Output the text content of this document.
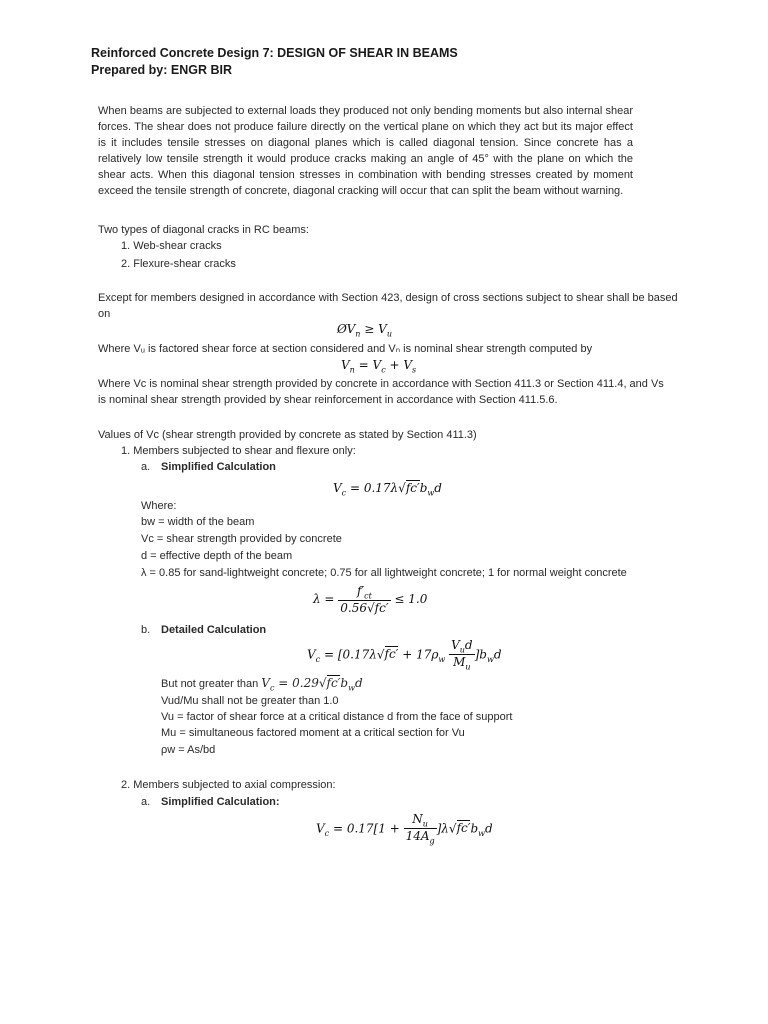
Reinforced Concrete Design 7: DESIGN OF SHEAR IN BEAMS
Prepared by: ENGR BIR
When beams are subjected to external loads they produced not only bending moments but also internal shear forces. The shear does not produce failure directly on the vertical plane on which they act but its major effect is it includes tensile stresses on diagonal planes which is called diagonal tension. Since concrete has a relatively low tensile strength it would produce cracks making an angle of 45° with the plane on which the shear acts. When this diagonal tension stresses in combination with bending stresses created by moment exceed the tensile strength of concrete, diagonal cracking will occur that can split the beam without warning.
Two types of diagonal cracks in RC beams:
1. Web-shear cracks
2. Flexure-shear cracks
Except for members designed in accordance with Section 423, design of cross sections subject to shear shall be based
on
$ØV_n \ge V_u$
Where Vᵤ is factored shear force at section considered and Vₙ is nominal shear strength computed by
$V_n = V_c + V_s$
Where Vc is nominal shear strength provided by concrete in accordance with Section 411.3 or Section 411.4, and Vs
is nominal shear strength provided by shear reinforcement in accordance with Section 411.5.6.
Values of Vc (shear strength provided by concrete as stated by Section 411.3)
1. Members subjected to shear and flexure only:
a. Simplified Calculation
$V_c = 0.17\lambda√fc'b_wd$
Where:
bw = width of the beam
Vc = shear strength provided by concrete
d = effective depth of the beam
λ = 0.85 for sand-lightweight concrete; 0.75 for all lightweight concrete; 1 for normal weight concrete
$\lambda = \frac{f'_{ct}}{0.56√fc'} \le 1.0$
b. Detailed Calculation
$V_c = [0.17\lambda√fc' + 17\rho_w \frac{V_ud}{M_u} ]b_wd$
But not greater than $V_c = 0.29√fc'b_wd$
Vud/Mu shall not be greater than 1.0
Vu = factor of shear force at a critical distance d from the face of support
Mu = simultaneous factored moment at a critical section for Vu
ρw = As/bd
2. Members subjected to axial compression:
a. Simplified Calculation:
$V_c = 0.17[1 + \frac{N_u}{14A_g} ]\lambda√fc'b_wd$
